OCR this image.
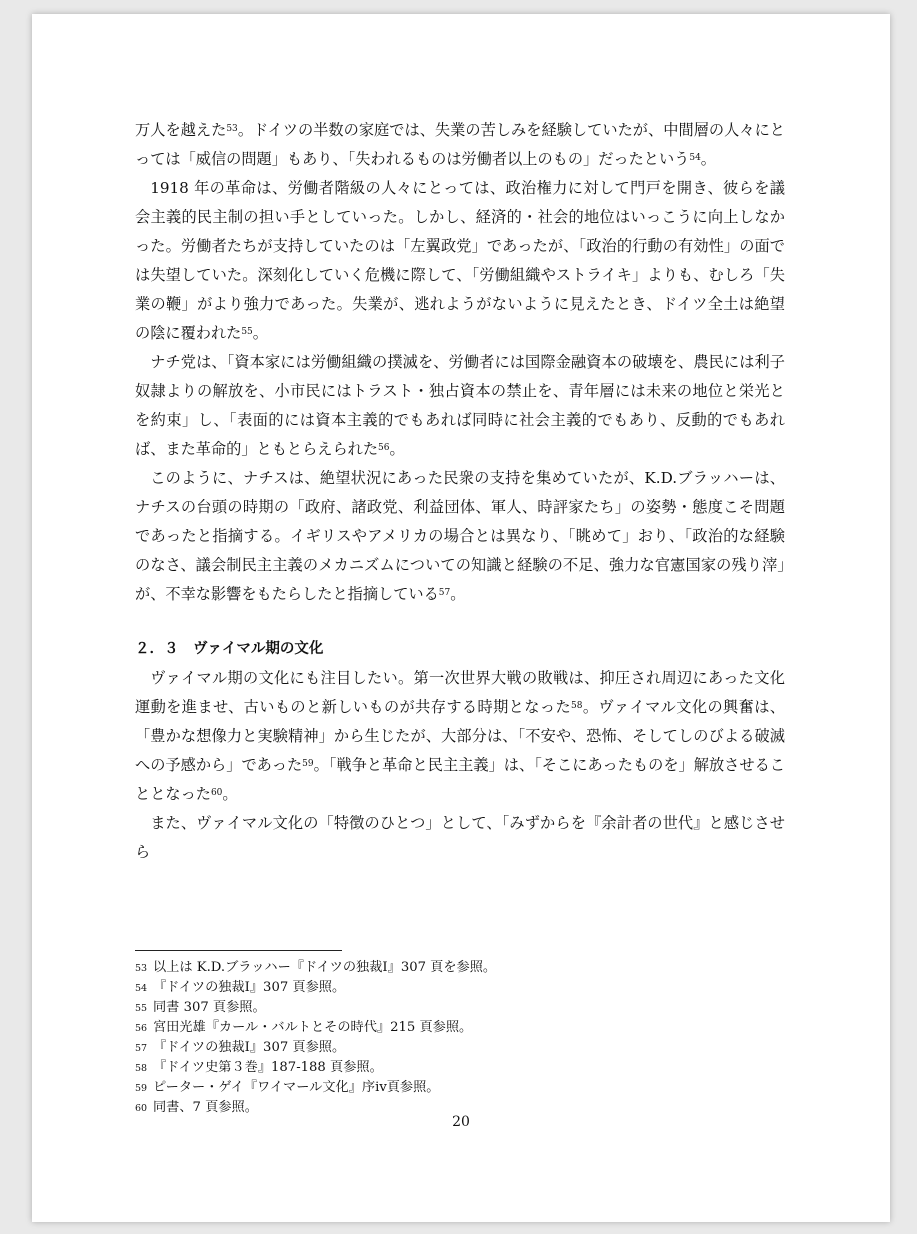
万人を越えた$^{53}$。ドイツの半数の家庭では、失業の苦しみを経験していたが、中間層の人々にとっては「威信の問題」もあり、「失われるものは労働者以上のもの」だったという$^{54}$。

1918 年の革命は、労働者階級の人々にとっては、政治権力に対して門戸を開き、彼らを議会主義的民主制の担い手としていった。しかし、経済的・社会的地位はいっこうに向上しなかった。労働者たちが支持していたのは「左翼政党」であったが、「政治的行動の有効性」の面では失望していた。深刻化していく危機に際して、「労働組織やストライキ」よりも、むしろ「失業の鞭」がより強力であった。失業が、逃れようがないように見えたとき、ドイツ全土は絶望の陰に覆われた$^{55}$。

ナチ党は、「資本家には労働組織の撲滅を、労働者には国際金融資本の破壊を、農民には利子奴隷よりの解放を、小市民にはトラスト・独占資本の禁止を、青年層には未来の地位と栄光とを約束」し、「表面的には資本主義的でもあれば同時に社会主義的でもあり、反動的でもあれば、また革命的」ともとらえられた$^{56}$。

このように、ナチスは、絶望状況にあった民衆の支持を集めていたが、K.D.ブラッハーは、ナチスの台頭の時期の「政府、諸政党、利益団体、軍人、時評家たち」の姿勢・態度こそ問題であったと指摘する。イギリスやアメリカの場合とは異なり、「眺めて」おり、「政治的な経験のなさ、議会制民主主義のメカニズムについての知識と経験の不足、強力な官憲国家の残り滓」が、不幸な影響をもたらしたと指摘している$^{57}$。

２．３　ヴァイマル期の文化

ヴァイマル期の文化にも注目したい。第一次世界大戦の敗戦は、抑圧され周辺にあった文化運動を進ませ、古いものと新しいものが共存する時期となった$^{58}$。ヴァイマル文化の興奮は、「豊かな想像力と実験精神」から生じたが、大部分は、「不安や、恐怖、そしてしのびよる破滅への予感から」であった$^{59}$。「戦争と革命と民主主義」は、「そこにあったものを」解放させることとなった$^{60}$。

また、ヴァイマル文化の「特徴のひとつ」として、「みずからを『余計者の世代』と感じさせら

53 以上は K.D.ブラッハー『ドイツの独裁Ⅰ』307 頁を参照。
54 『ドイツの独裁Ⅰ』307 頁参照。
55 同書 307 頁参照。
56 宮田光雄『カール・バルトとその時代』215 頁参照。
57 『ドイツの独裁Ⅰ』307 頁参照。
58 『ドイツ史第３巻』187-188 頁参照。
59 ピーター・ゲイ『ワイマール文化』序ⅳ頁参照。
60 同書、7 頁参照。
20
